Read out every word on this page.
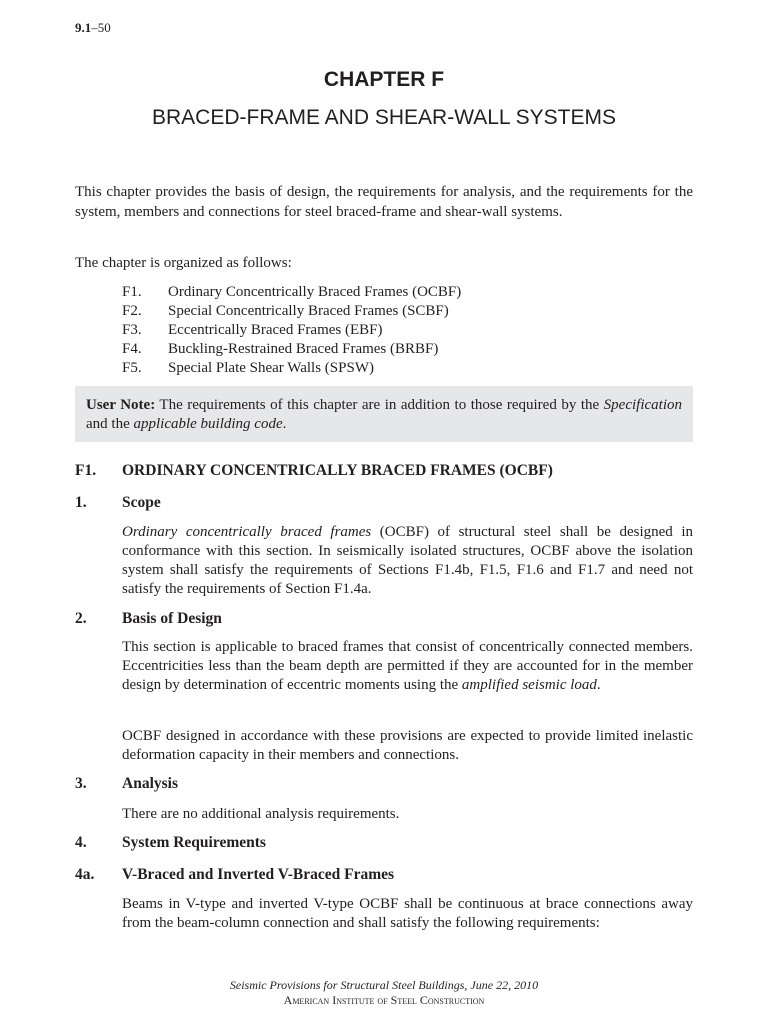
9.1–50
CHAPTER F
BRACED-FRAME AND SHEAR-WALL SYSTEMS
This chapter provides the basis of design, the requirements for analysis, and the requirements for the system, members and connections for steel braced-frame and shear-wall systems.
The chapter is organized as follows:
F1.	Ordinary Concentrically Braced Frames (OCBF)
F2.	Special Concentrically Braced Frames (SCBF)
F3.	Eccentrically Braced Frames (EBF)
F4.	Buckling-Restrained Braced Frames (BRBF)
F5.	Special Plate Shear Walls (SPSW)
User Note: The requirements of this chapter are in addition to those required by the Specification and the applicable building code.
F1.	ORDINARY CONCENTRICALLY BRACED FRAMES (OCBF)
1.	Scope
Ordinary concentrically braced frames (OCBF) of structural steel shall be designed in conformance with this section. In seismically isolated structures, OCBF above the isolation system shall satisfy the requirements of Sections F1.4b, F1.5, F1.6 and F1.7 and need not satisfy the requirements of Section F1.4a.
2.	Basis of Design
This section is applicable to braced frames that consist of concentrically connected members. Eccentricities less than the beam depth are permitted if they are accounted for in the member design by determination of eccentric moments using the amplified seismic load.
OCBF designed in accordance with these provisions are expected to provide limited inelastic deformation capacity in their members and connections.
3.	Analysis
There are no additional analysis requirements.
4.	System Requirements
4a.	V-Braced and Inverted V-Braced Frames
Beams in V-type and inverted V-type OCBF shall be continuous at brace connections away from the beam-column connection and shall satisfy the following requirements:
Seismic Provisions for Structural Steel Buildings, June 22, 2010
American Institute of Steel Construction
